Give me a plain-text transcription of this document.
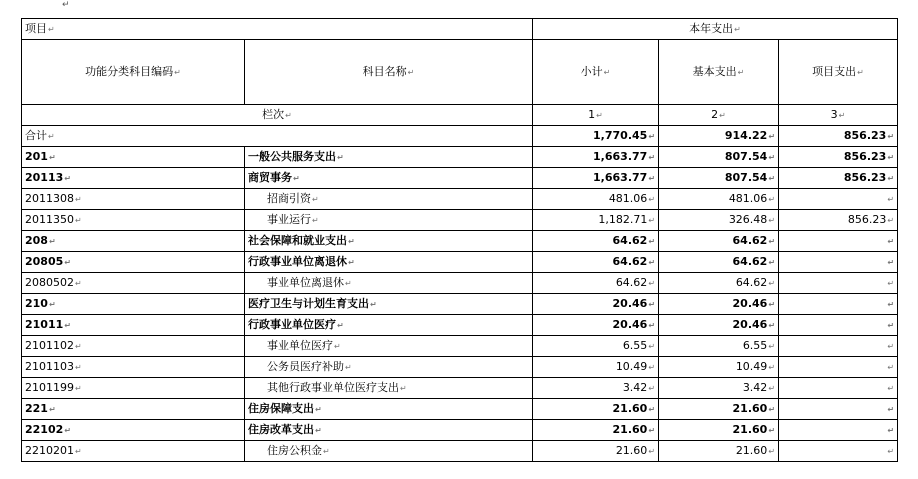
↵
项目 ↵		本年支出 ↵
功能分类科目编码 ↵	科目名称 ↵	小计 ↵	基本支出 ↵	项目支出 ↵
栏次 ↵		1 ↵	2 ↵	3 ↵
合计 ↵		1,770.45 ↵	914.22 ↵	856.23 ↵
201 ↵	一般公共服务支出 ↵	1,663.77 ↵	807.54 ↵	856.23 ↵
20113 ↵	商贸事务 ↵	1,663.77 ↵	807.54 ↵	856.23 ↵
2011308 ↵	招商引资 ↵	481.06 ↵	481.06 ↵	↵
2011350 ↵	事业运行 ↵	1,182.71 ↵	326.48 ↵	856.23 ↵
208 ↵	社会保障和就业支出 ↵	64.62 ↵	64.62 ↵	↵
20805 ↵	行政事业单位离退休 ↵	64.62 ↵	64.62 ↵	↵
2080502 ↵	事业单位离退休 ↵	64.62 ↵	64.62 ↵	↵
210 ↵	医疗卫生与计划生育支出 ↵	20.46 ↵	20.46 ↵	↵
21011 ↵	行政事业单位医疗 ↵	20.46 ↵	20.46 ↵	↵
2101102 ↵	事业单位医疗 ↵	6.55 ↵	6.55 ↵	↵
2101103 ↵	公务员医疗补助 ↵	10.49 ↵	10.49 ↵	↵
2101199 ↵	其他行政事业单位医疗支出 ↵	3.42 ↵	3.42 ↵	↵
221 ↵	住房保障支出 ↵	21.60 ↵	21.60 ↵	↵
22102 ↵	住房改革支出 ↵	21.60 ↵	21.60 ↵	↵
2210201 ↵	住房公积金 ↵	21.60 ↵	21.60 ↵	↵
